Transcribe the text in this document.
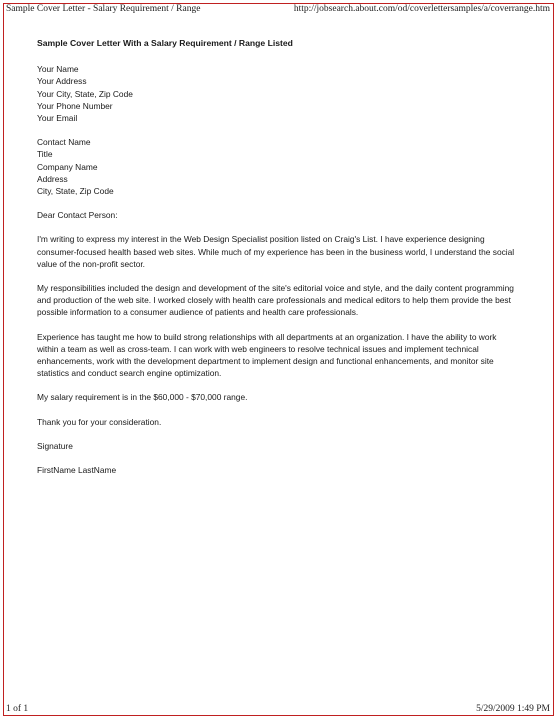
Sample Cover Letter - Salary Requirement / Range	http://jobsearch.about.com/od/coverlettersamples/a/coverrange.htm
Sample Cover Letter With a Salary Requirement / Range Listed
Your Name
Your Address
Your City, State, Zip Code
Your Phone Number
Your Email
Contact Name
Title
Company Name
Address
City, State, Zip Code

Dear Contact Person:

I'm writing to express my interest in the Web Design Specialist position listed on Craig's List. I have experience designing consumer-focused health based web sites. While much of my experience has been in the business world, I understand the social value of the non-profit sector.

My responsibilities included the design and development of the site's editorial voice and style, and the daily content programming and production of the web site. I worked closely with health care professionals and medical editors to help them provide the best possible information to a consumer audience of patients and health care professionals.

Experience has taught me how to build strong relationships with all departments at an organization. I have the ability to work within a team as well as cross-team. I can work with web engineers to resolve technical issues and implement technical enhancements, work with the development department to implement design and functional enhancements, and monitor site statistics and conduct search engine optimization.

My salary requirement is in the $60,000 - $70,000 range.

Thank you for your consideration.

Signature

FirstName LastName

1 of 1	5/29/2009 1:49 PM
